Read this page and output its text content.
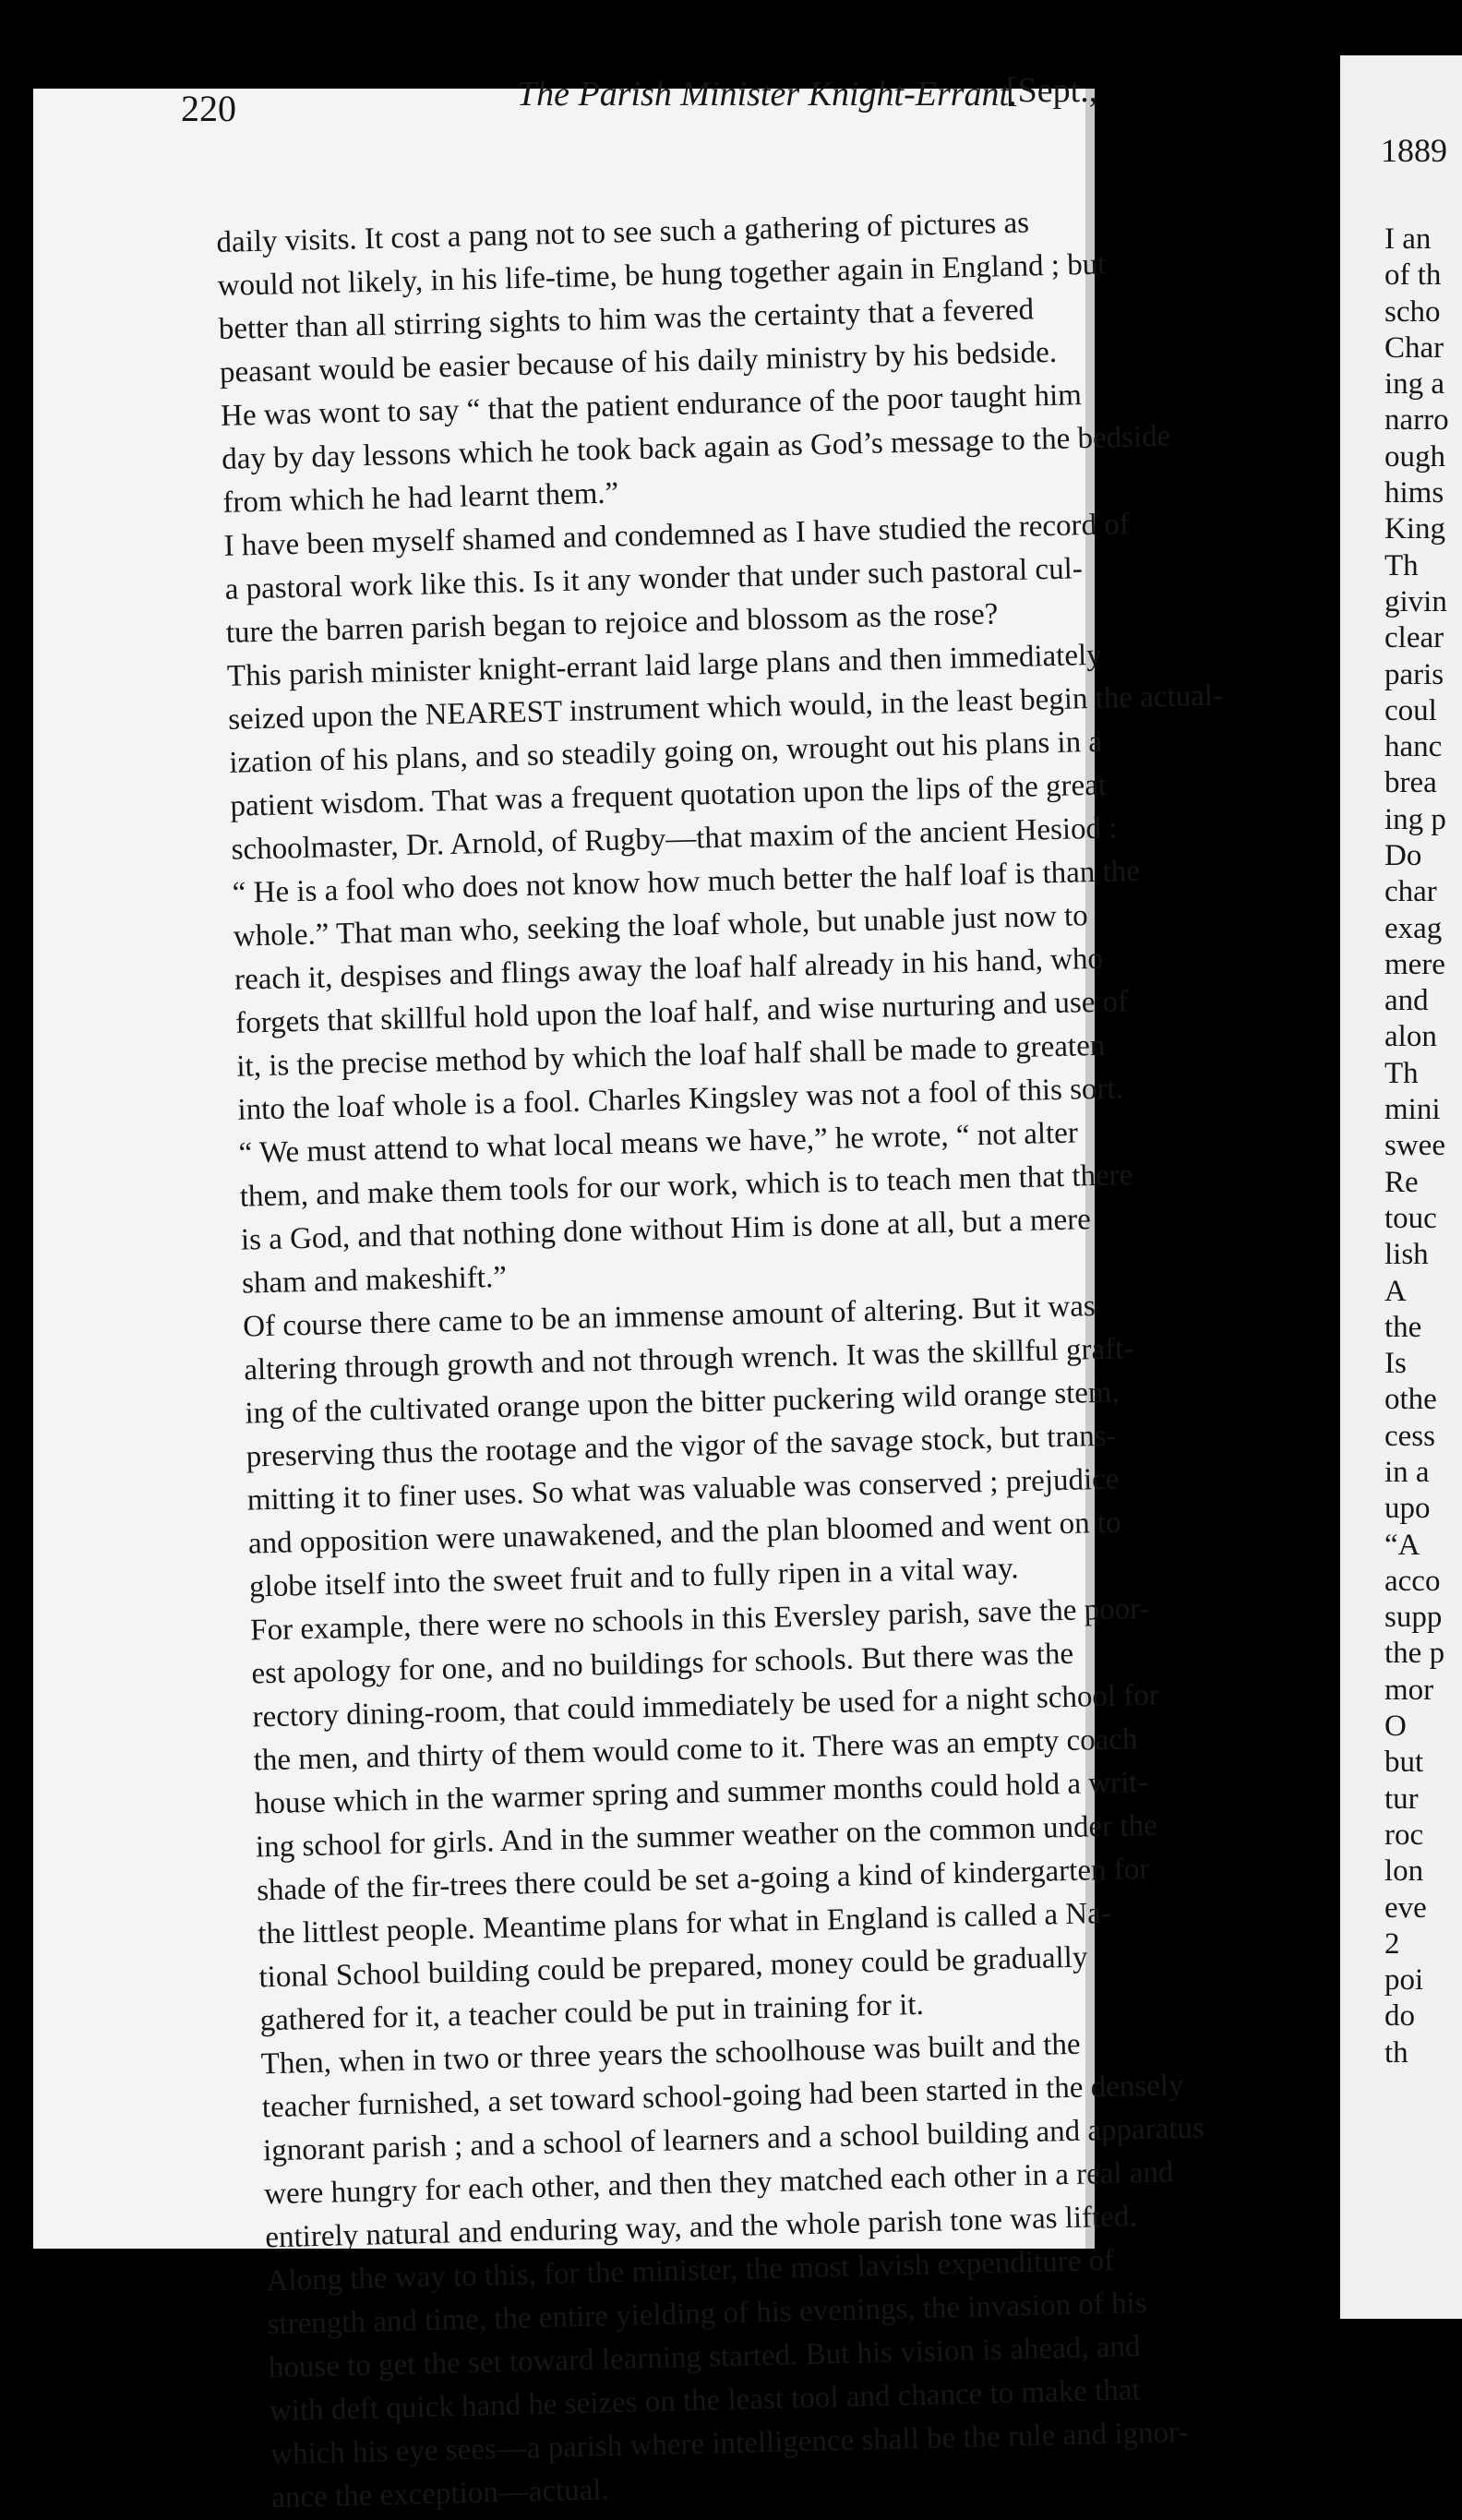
220	The Parish Minister Knight-Errant.
[Sept.,
daily visits. It cost a pang not to see such a gathering of pictures as
would not likely, in his life-time, be hung together again in England ; but
better than all stirring sights to him was the certainty that a fevered
peasant would be easier because of his daily ministry by his bedside.
He was wont to say “ that the patient endurance of the poor taught him
day by day lessons which he took back again as God’s message to the bedside
from which he had learnt them.”
I have been myself shamed and condemned as I have studied the record of
a pastoral work like this. Is it any wonder that under such pastoral cul-
ture the barren parish began to rejoice and blossom as the rose?
This parish minister knight-errant laid large plans and then immediately
seized upon the NEAREST instrument which would, in the least begin the actual-
ization of his plans, and so steadily going on, wrought out his plans in a
patient wisdom. That was a frequent quotation upon the lips of the great
schoolmaster, Dr. Arnold, of Rugby—that maxim of the ancient Hesiod :
“ He is a fool who does not know how much better the half loaf is than the
whole.” That man who, seeking the loaf whole, but unable just now to
reach it, despises and flings away the loaf half already in his hand, who
forgets that skillful hold upon the loaf half, and wise nurturing and use of
it, is the precise method by which the loaf half shall be made to greaten
into the loaf whole is a fool. Charles Kingsley was not a fool of this sort.
“ We must attend to what local means we have,” he wrote, “ not alter
them, and make them tools for our work, which is to teach men that there
is a God, and that nothing done without Him is done at all, but a mere
sham and makeshift.”
Of course there came to be an immense amount of altering. But it was
altering through growth and not through wrench. It was the skillful graft-
ing of the cultivated orange upon the bitter puckering wild orange stem,
preserving thus the rootage and the vigor of the savage stock, but trans-
mitting it to finer uses. So what was valuable was conserved ; prejudice
and opposition were unawakened, and the plan bloomed and went on to
globe itself into the sweet fruit and to fully ripen in a vital way.
For example, there were no schools in this Eversley parish, save the poor-
est apology for one, and no buildings for schools. But there was the
rectory dining-room, that could immediately be used for a night school for
the men, and thirty of them would come to it. There was an empty coach
house which in the warmer spring and summer months could hold a writ-
ing school for girls. And in the summer weather on the common under the
shade of the fir-trees there could be set a-going a kind of kindergarten for
the littlest people. Meantime plans for what in England is called a Na-
tional School building could be prepared, money could be gradually
gathered for it, a teacher could be put in training for it.
Then, when in two or three years the schoolhouse was built and the
teacher furnished, a set toward school-going had been started in the densely
ignorant parish ; and a school of learners and a school building and apparatus
were hungry for each other, and then they matched each other in a real and
entirely natural and enduring way, and the whole parish tone was lifted.
Along the way to this, for the minister, the most lavish expenditure of
strength and time, the entire yielding of his evenings, the invasion of his
house to get the set toward learning started. But his vision is ahead, and
with deft quick hand he seizes on the least tool and chance to make that
which his eye sees—a parish where intelligence shall be the rule and ignor-
ance the exception—actual.
1889
I an
of th
scho
Char
ing a
narro
ough
hims
King
Th
givin
clear
paris
coul
hanc
brea
ing p
Do
char
exag
mere
and
alon
Th
mini
swee
Re
touc
lish
A
the
Is
othe
cess
in a
upo
“A
acco
supp
the p
mor
O
but
tur
roc
lon
eve
2
poi
do
th
